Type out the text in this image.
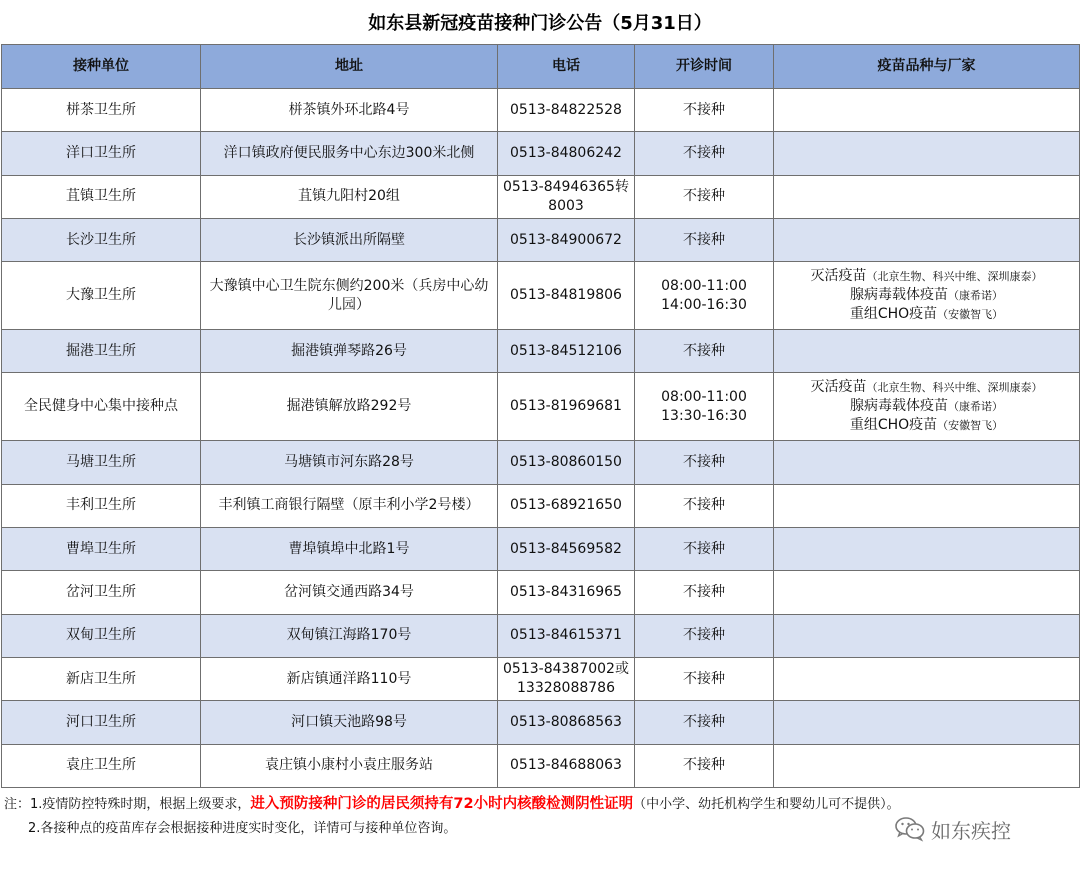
如东县新冠疫苗接种门诊公告（5月31日）
接种单位	地址	电话	开诊时间	疫苗品种与厂家
栟茶卫生所	栟茶镇外环北路4号	0513-84822528	不接种	
洋口卫生所	洋口镇政府便民服务中心东边300米北侧	0513-84806242	不接种	
苴镇卫生所	苴镇九阳村20组	0513-84946365转8003	不接种	
长沙卫生所	长沙镇派出所隔壁	0513-84900672	不接种	
大豫卫生所	大豫镇中心卫生院东侧约200米（兵房中心幼儿园）	0513-84819806	08:00-11:00 14:00-16:30	灭活疫苗（北京生物、科兴中维、深圳康泰）
腺病毒载体疫苗（康希诺）
重组CHO疫苗（安徽智飞）

掘港卫生所	掘港镇弹琴路26号	0513-84512106	不接种	
全民健身中心集中接种点	掘港镇解放路292号	0513-81969681	08:00-11:00 13:30-16:30	灭活疫苗（北京生物、科兴中维、深圳康泰）
腺病毒载体疫苗（康希诺）
重组CHO疫苗（安徽智飞）

马塘卫生所	马塘镇市河东路28号	0513-80860150	不接种	
丰利卫生所	丰利镇工商银行隔壁（原丰利小学2号楼）	0513-68921650	不接种	
曹埠卫生所	曹埠镇埠中北路1号	0513-84569582	不接种	
岔河卫生所	岔河镇交通西路34号	0513-84316965	不接种	
双甸卫生所	双甸镇江海路170号	0513-84615371	不接种	
新店卫生所	新店镇通洋路110号	0513-84387002或13328088786	不接种	
河口卫生所	河口镇天池路98号	0513-80868563	不接种	
袁庄卫生所	袁庄镇小康村小袁庄服务站	0513-84688063	不接种	
注： 1.疫情防控特殊时期，根据上级要求， 进入预防接种门诊的居民须持有72小时内核酸检测阴性证明 （中小学、幼托机构学生和婴幼儿可不提供）。
2.各接种点的疫苗库存会根据接种进度实时变化，详情可与接种单位咨询。	如东疾控
